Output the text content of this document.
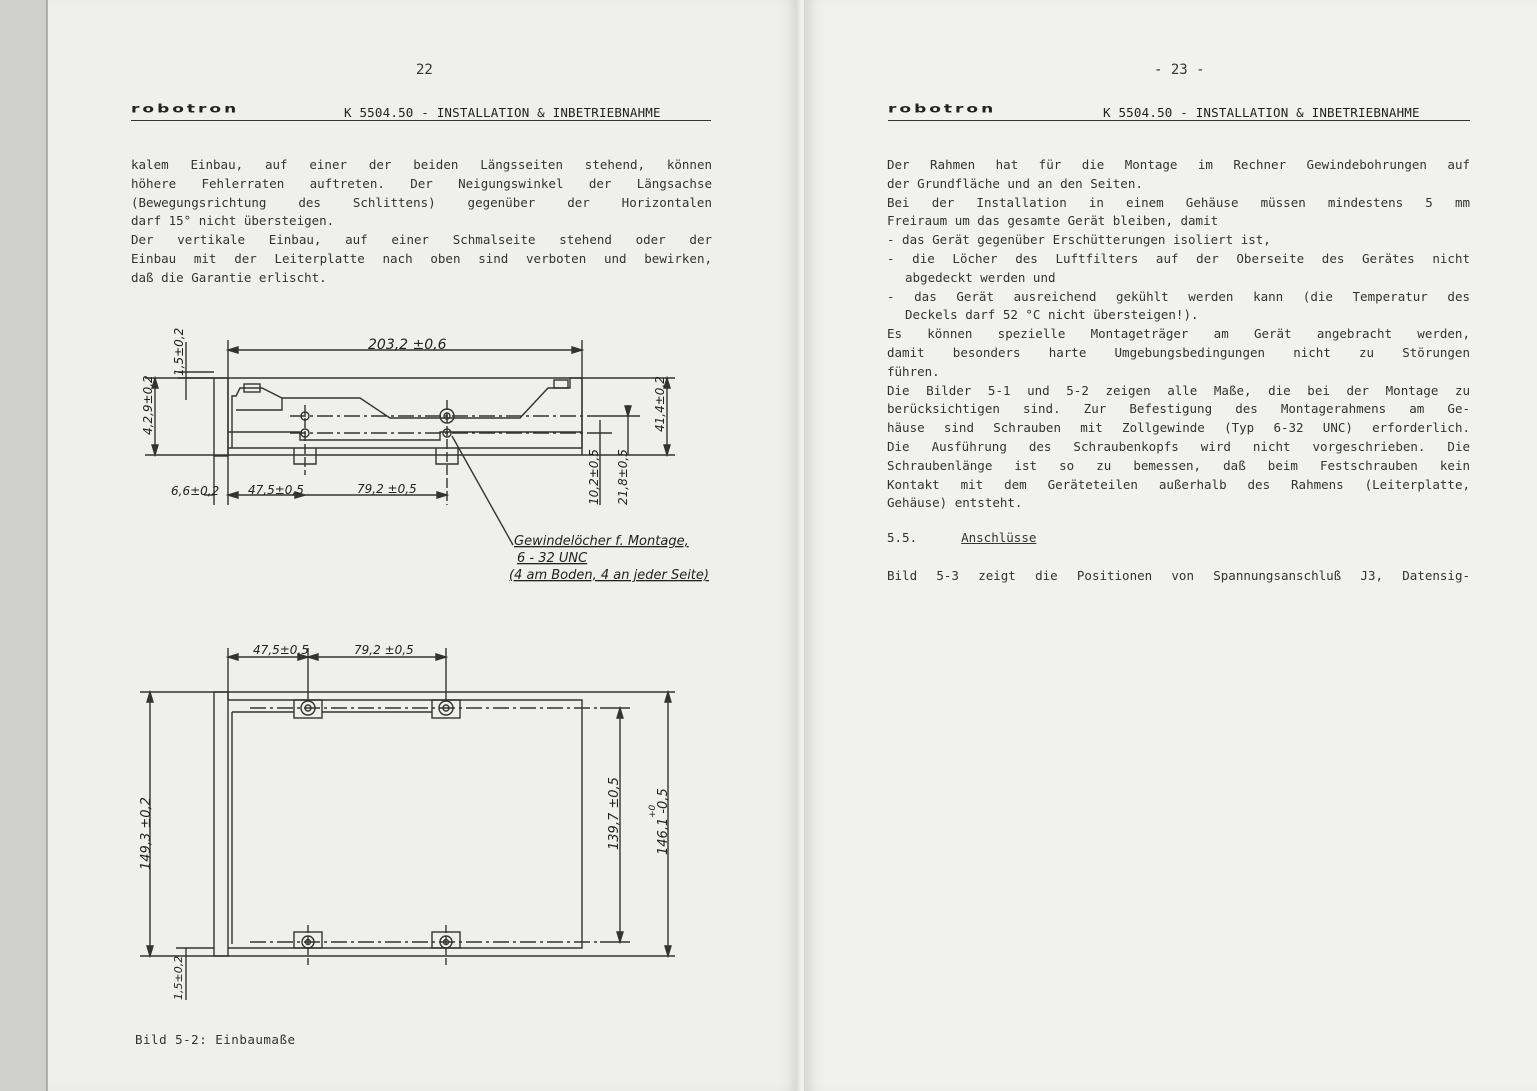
22
robotron	K 5504.50 - INSTALLATION & INBETRIEBNAHME

kalem Einbau, auf einer der beiden Längsseiten stehend, können

höhere Fehlerraten auftreten. Der Neigungswinkel der Längsachse

(Bewegungsrichtung des Schlittens) gegenüber der Horizontalen

darf 15° nicht übersteigen.

Der vertikale Einbau, auf einer Schmalseite stehend oder der

Einbau mit der Leiterplatte nach oben sind verboten und bewirken,

daß die Garantie erlischt.

203,2 ±0,6
1,5±0,2
4,2,9±0,2	41,4±0,2
6,6±0,2 47,5±0,5	79,2 ±0,5	10,2±0,5 21,8±0,5
Gewindelöcher f. Montage,
6 - 32 UNC
(4 am Boden, 4 an jeder Seite)
47,5±0,5	79,2 ±0,5
149,3 ±0,2	139,7 ±0,5	146,1 -0,5
+0
1,5±0,2
Bild 5-2: Einbaumaße
- 23 -
robotron	K 5504.50 - INSTALLATION & INBETRIEBNAHME

Der Rahmen hat für die Montage im Rechner Gewindebohrungen auf

der Grundfläche und an den Seiten.

Bei der Installation in einem Gehäuse müssen mindestens 5 mm

Freiraum um das gesamte Gerät bleiben, damit

- das Gerät gegenüber Erschütterungen isoliert ist,

- die Löcher des Luftfilters auf der Oberseite des Gerätes nicht

abgedeckt werden und

- das Gerät ausreichend gekühlt werden kann (die Temperatur des

Deckels darf 52 °C nicht übersteigen!).

Es können spezielle Montageträger am Gerät angebracht werden,

damit besonders harte Umgebungsbedingungen nicht zu Störungen

führen.

Die Bilder 5-1 und 5-2 zeigen alle Maße, die bei der Montage zu

berücksichtigen sind. Zur Befestigung des Montagerahmens am Ge-

häuse sind Schrauben mit Zollgewinde (Typ 6-32 UNC) erforderlich.

Die Ausführung des Schraubenkopfs wird nicht vorgeschrieben. Die

Schraubenlänge ist so zu bemessen, daß beim Festschrauben kein

Kontakt mit dem Geräteteilen außerhalb des Rahmens (Leiterplatte,

Gehäuse) entsteht.

5.5.	Anschlüsse

Bild 5-3 zeigt die Positionen von Spannungsanschluß J3, Datensig-
